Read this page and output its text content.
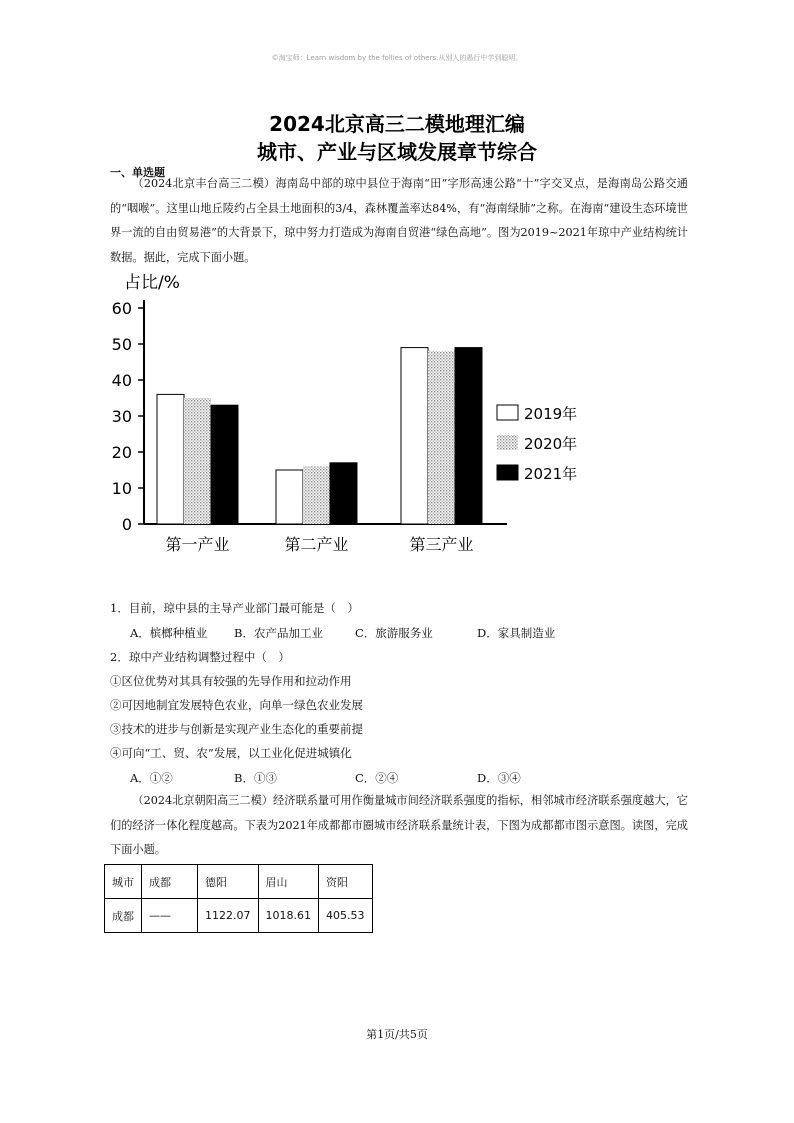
©淘宝师：Learn wisdom by the follies of others.从别人的愚行中学到聪明。
2024北京高三二模地理汇编
城市、产业与区域发展章节综合
一、单选题
（2024北京丰台高三二模）海南岛中部的琼中县位于海南“田”字形高速公路“十”字交叉点，是海南岛公路交通的“咽喉”。这里山地丘陵约占全县土地面积的3/4，森林覆盖率达84%，有“海南绿肺”之称。在海南“建设生态环境世界一流的自由贸易港”的大背景下，琼中努力打造成为海南自贸港“绿色高地”。图为2019~2021年琼中产业结构统计数据。据此，完成下面小题。
占比/%
0
10
20
30
40
50
60
第一产业	第二产业	第三产业
2019年
2020年
2021年
1．目前，琼中县的主导产业部门最可能是（　）
A．槟榔种植业 B．农产品加工业	C．旅游服务业	D．家具制造业
2．琼中产业结构调整过程中（　）
①区位优势对其具有较强的先导作用和拉动作用
②可因地制宜发展特色农业，向单一绿色农业发展
③技术的进步与创新是实现产业生态化的重要前提
④可向“工、贸、农”发展，以工业化促进城镇化
A．①②	B．①③	C．②④	D．③④
（2024北京朝阳高三二模）经济联系量可用作衡量城市间经济联系强度的指标，相邻城市经济联系强度越大，它们的经济一体化程度越高。下表为2021年成都都市圈城市经济联系量统计表，下图为成都都市图示意图。读图，完成下面小题。
城市	成都	德阳	眉山	资阳
成都	——	1122.07	1018.61	405.53
第1页/共5页
